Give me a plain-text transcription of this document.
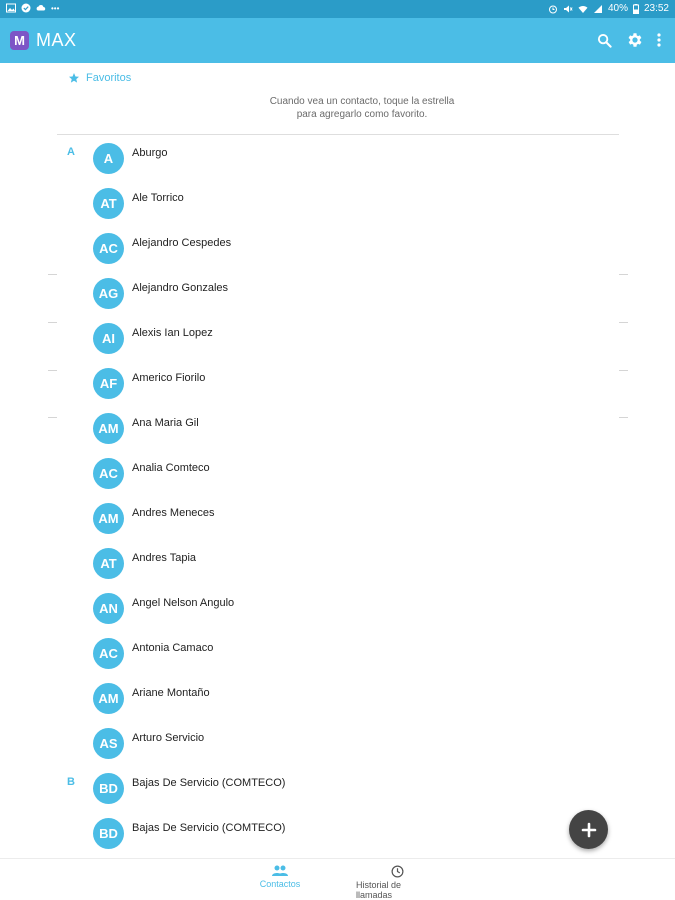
•••	40% 23:52
M MAX
Favoritos
Cuando vea un contacto, toque la estrella
para agregarlo como favorito.
A	A	Aburgo
AT	Ale Torrico
AC	Alejandro Cespedes
AG	Alejandro Gonzales
AI	Alexis Ian Lopez
AF	Americo Fiorilo
AM	Ana Maria Gil
AC	Analia Comteco
AM	Andres Meneces
AT	Andres Tapia
AN	Angel Nelson Angulo
AC	Antonia Camaco
AM	Ariane Montaño
AS	Arturo Servicio
B	BD	Bajas De Servicio (COMTECO)
BD	Bajas De Servicio (COMTECO)
Contactos	Historial de llamadas
